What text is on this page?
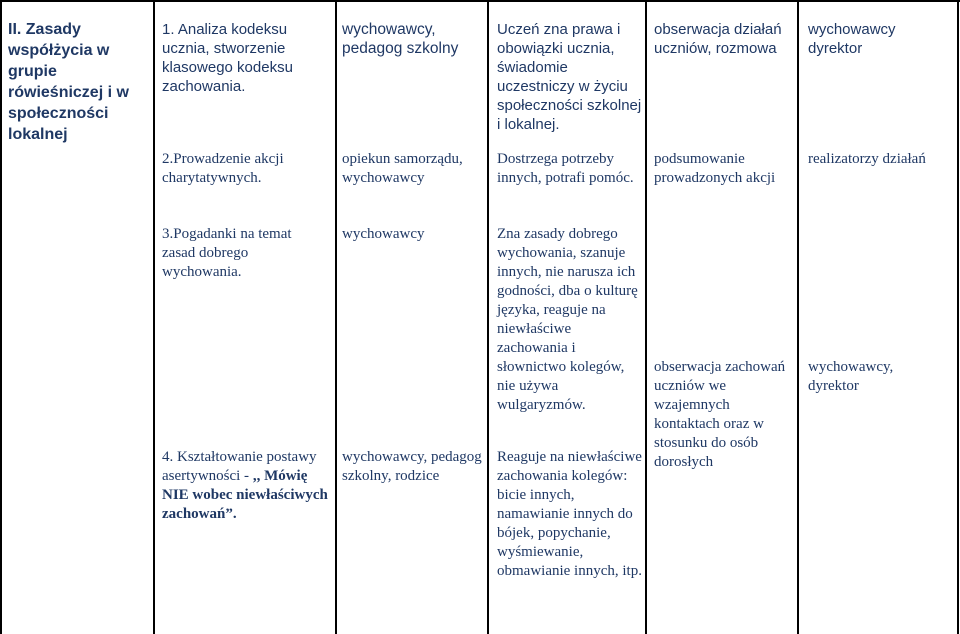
II. Zasady współżycia w grupie rówieśniczej i w społeczności lokalnej
1. Analiza kodeksu ucznia, stworzenie klasowego kodeksu zachowania.
wychowawcy, pedagog szkolny
Uczeń zna prawa i obowiązki ucznia, świadomie uczestniczy w życiu społeczności szkolnej i lokalnej.
obserwacja działań uczniów, rozmowa
wychowawcy dyrektor
2.Prowadzenie akcji charytatywnych.
opiekun samorządu, wychowawcy
Dostrzega potrzeby innych, potrafi pomóc.
podsumowanie prowadzonych akcji
realizatorzy działań
3.Pogadanki na temat zasad dobrego wychowania.
wychowawcy	Zna zasady dobrego wychowania, szanuje innych, nie narusza ich godności, dba o kulturę języka, reaguje na niewłaściwe zachowania i słownictwo kolegów, nie używa wulgaryzmów.
obserwacja zachowań uczniów we wzajemnych kontaktach oraz w stosunku do osób dorosłych
wychowawcy, dyrektor
4. Kształtowanie postawy asertywności - ,, Mówię NIE wobec niewłaściwych zachowań”.
wychowawcy, pedagog szkolny, rodzice
Reaguje na niewłaściwe zachowania kolegów: bicie innych, namawianie innych do bójek, popychanie, wyśmiewanie, obmawianie innych, itp.
